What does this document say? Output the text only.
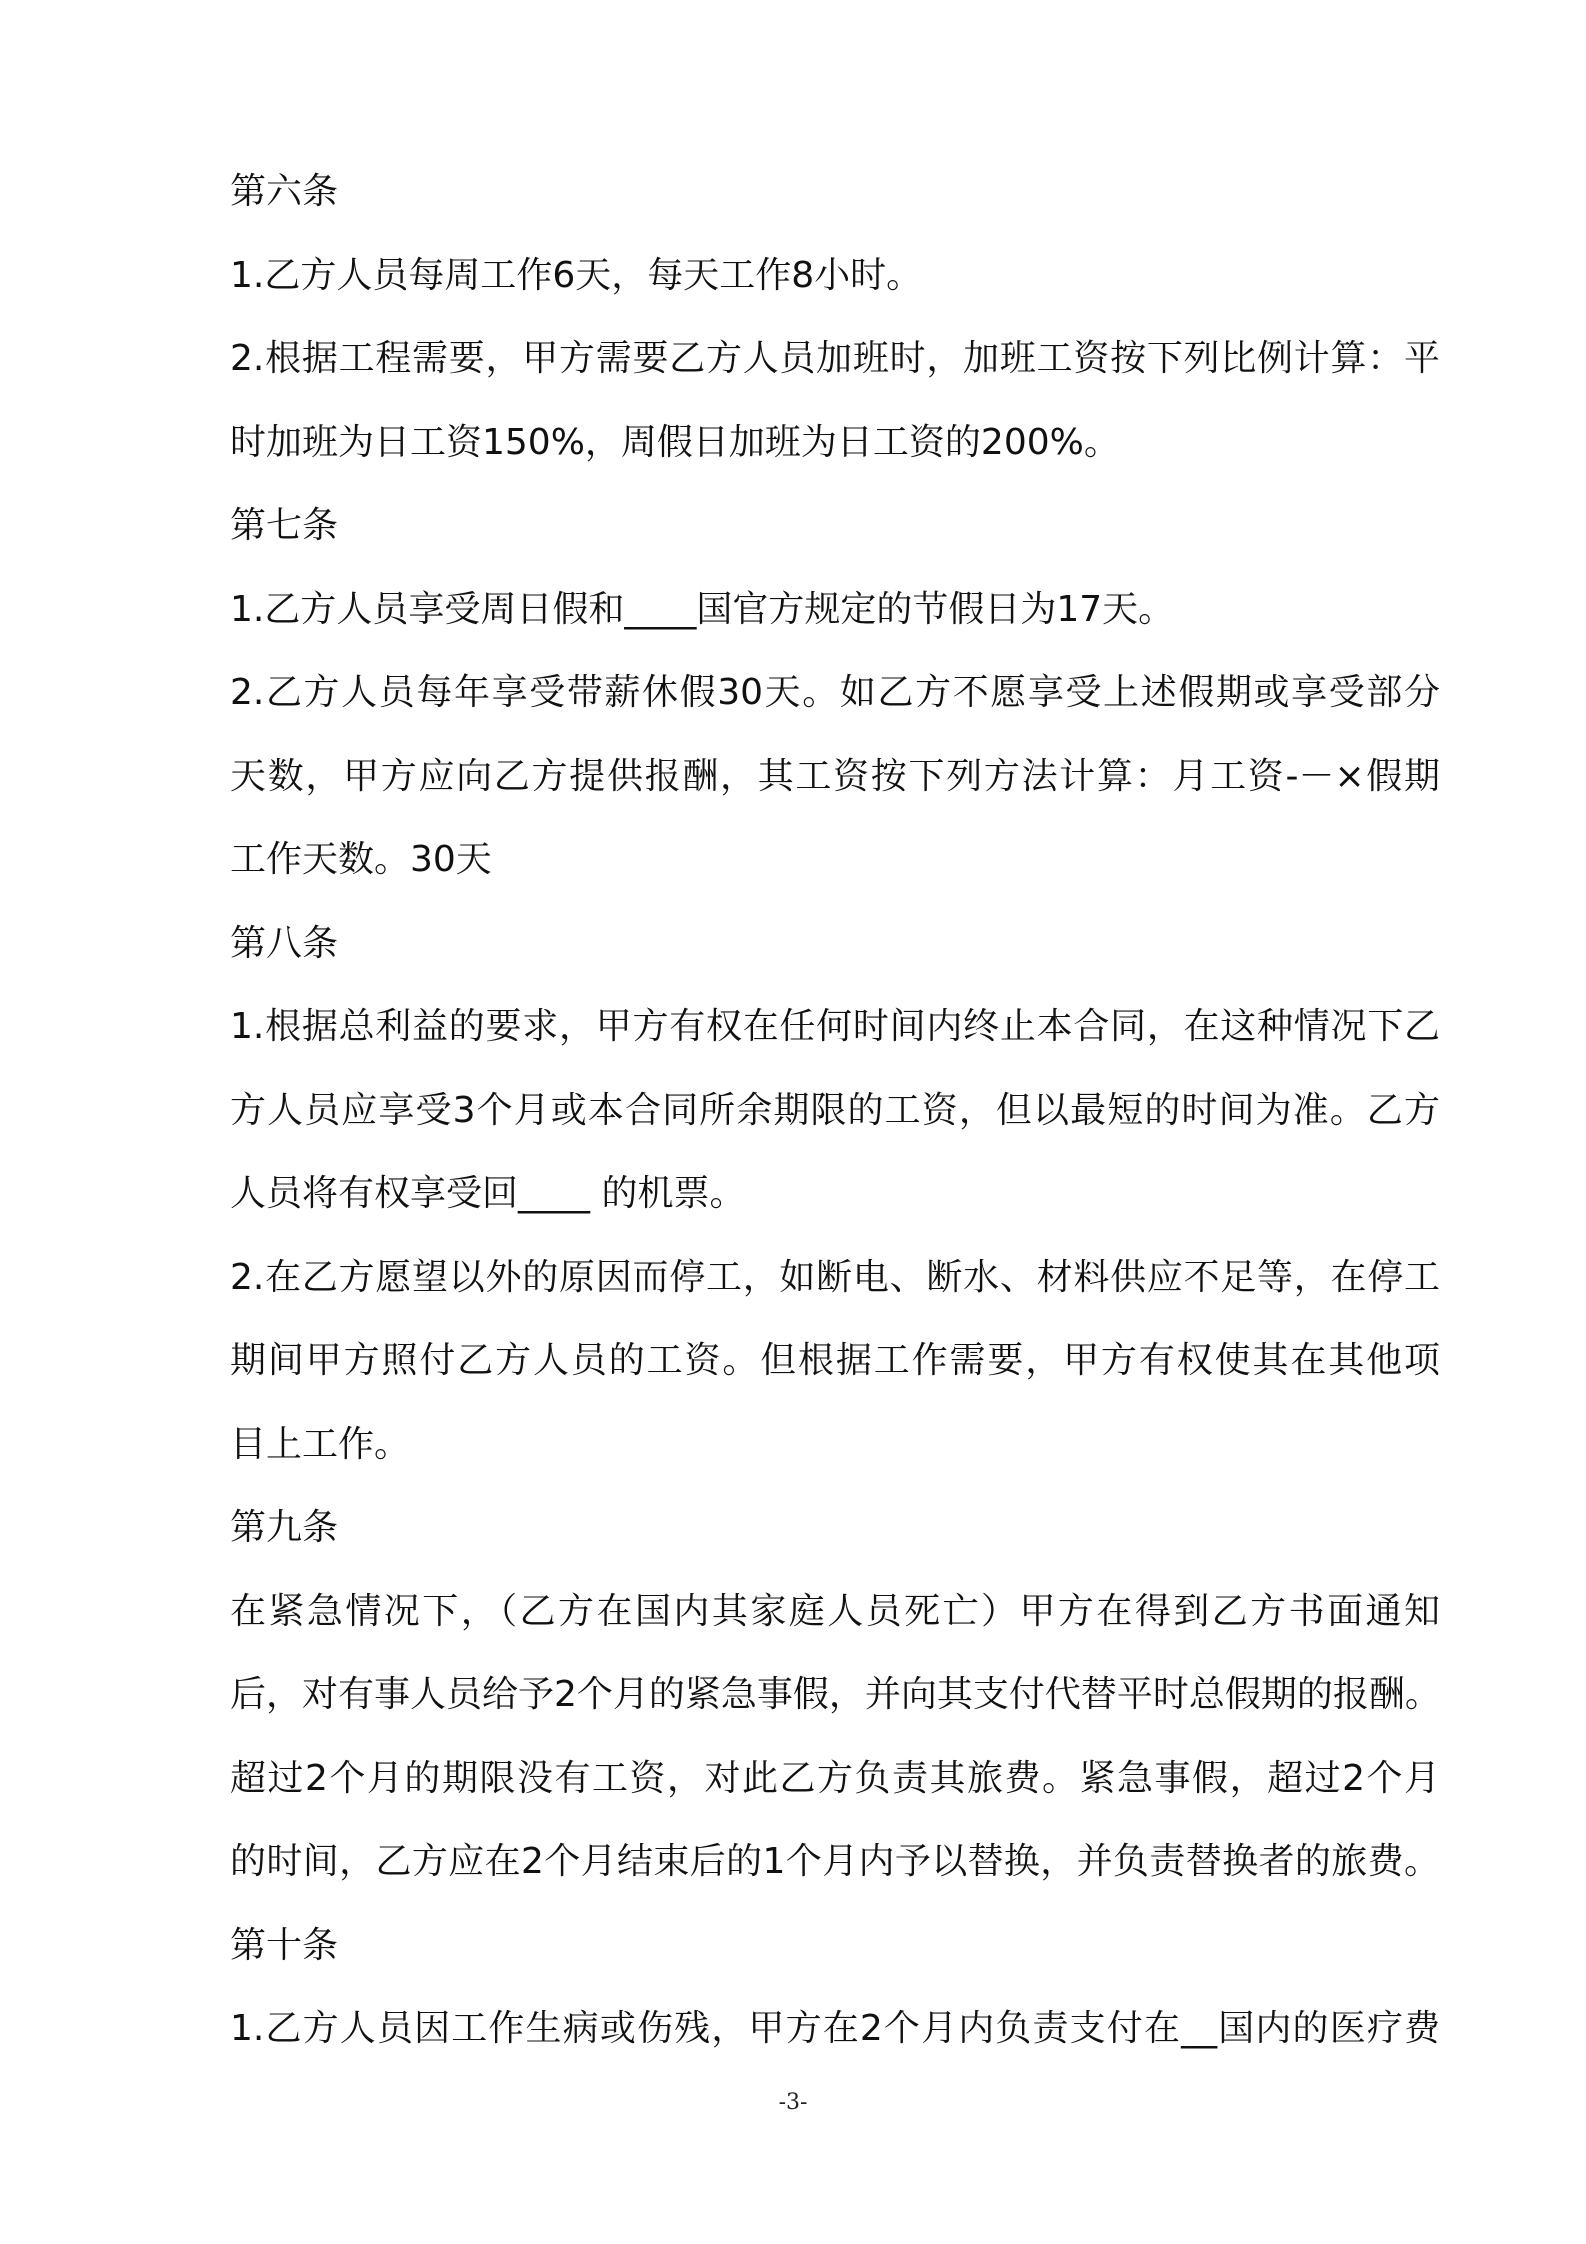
第六条
1.乙方人员每周工作6天，每天工作8小时。
2.根据工程需要，甲方需要乙方人员加班时，加班工资按下列比例计算：平
时加班为日工资150%，周假日加班为日工资的200%。
第七条
1.乙方人员享受周日假和____国官方规定的节假日为17天。
2.乙方人员每年享受带薪休假30天。如乙方不愿享受上述假期或享受部分
天数，甲方应向乙方提供报酬，其工资按下列方法计算：月工资-－×假期
工作天数。30天
第八条
1.根据总利益的要求，甲方有权在任何时间内终止本合同，在这种情况下乙
方人员应享受3个月或本合同所余期限的工资，但以最短的时间为准。乙方
人员将有权享受回____ 的机票。
2.在乙方愿望以外的原因而停工，如断电、断水、材料供应不足等，在停工
期间甲方照付乙方人员的工资。但根据工作需要，甲方有权使其在其他项
目上工作。
第九条
在紧急情况下，（乙方在国内其家庭人员死亡）甲方在得到乙方书面通知
后，对有事人员给予2个月的紧急事假，并向其支付代替平时总假期的报酬。
超过2个月的期限没有工资，对此乙方负责其旅费。紧急事假，超过2个月
的时间，乙方应在2个月结束后的1个月内予以替换，并负责替换者的旅费。
第十条
1.乙方人员因工作生病或伤残，甲方在2个月内负责支付在__国内的医疗费
-3-
